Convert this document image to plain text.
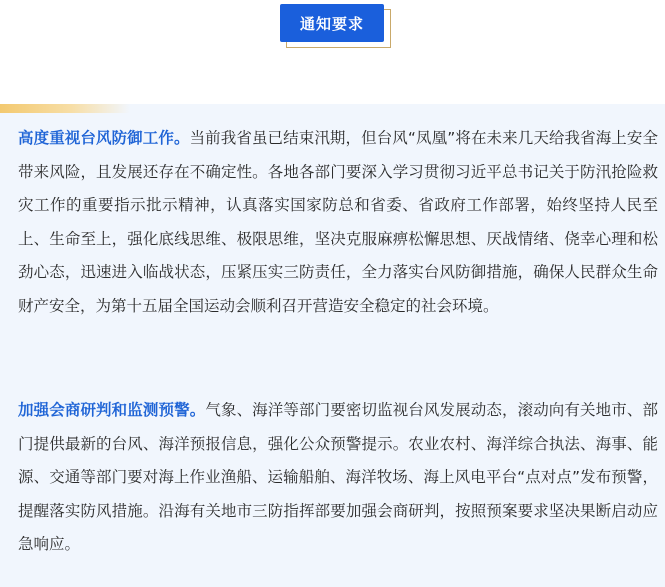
通知要求

高度重视台风防御工作。当前我省虽已结束汛期，但台风“凤凰”将在未来几天给我省海上安全带来风险，且发展还存在不确定性。各地各部门要深入学习贯彻习近平总书记关于防汛抢险救灾工作的重要指示批示精神，认真落实国家防总和省委、省政府工作部署，始终坚持人民至上、生命至上，强化底线思维、极限思维，坚决克服麻痹松懈思想、厌战情绪、侥幸心理和松劲心态，迅速进入临战状态，压紧压实三防责任，全力落实台风防御措施，确保人民群众生命财产安全，为第十五届全国运动会顺利召开营造安全稳定的社会环境。

加强会商研判和监测预警。气象、海洋等部门要密切监视台风发展动态，滚动向有关地市、部门提供最新的台风、海洋预报信息，强化公众预警提示。农业农村、海洋综合执法、海事、能源、交通等部门要对海上作业渔船、运输船舶、海洋牧场、海上风电平台“点对点”发布预警，提醒落实防风措施。沿海有关地市三防指挥部要加强会商研判，按照预案要求坚决果断启动应急响应。
